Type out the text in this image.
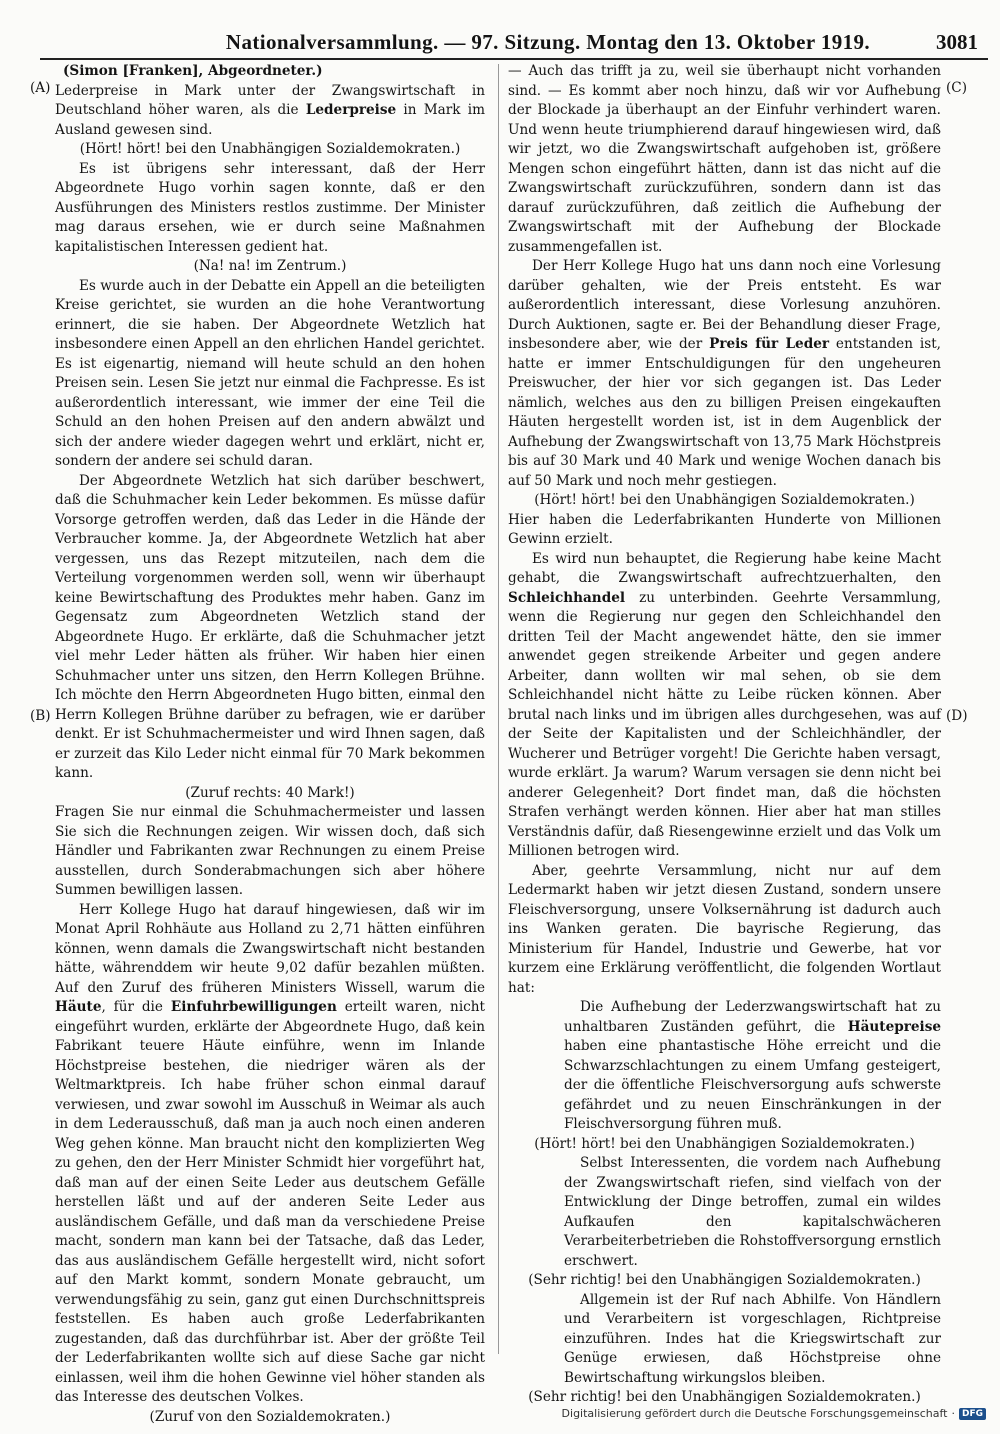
Nationalversammlung. — 97. Sitzung. Montag den 13. Oktober 1919.	3081
(A)
(B)
(C)
(D)

(Simon [Franken], Abgeordneter.)

Lederpreise in Mark unter der Zwangswirtschaft in Deutschland höher waren, als die Lederpreise in Mark im Ausland gewesen sind.

(Hört! hört! bei den Unabhängigen Sozialdemokraten.)

Es ist übrigens sehr interessant, daß der Herr Abgeordnete Hugo vorhin sagen konnte, daß er den Ausführungen des Ministers restlos zustimme. Der Minister mag daraus ersehen, wie er durch seine Maßnahmen kapitalistischen Interessen gedient hat.

(Na! na! im Zentrum.)

Es wurde auch in der Debatte ein Appell an die beteiligten Kreise gerichtet, sie wurden an die hohe Verantwortung erinnert, die sie haben. Der Abgeordnete Wetzlich hat insbesondere einen Appell an den ehrlichen Handel gerichtet. Es ist eigenartig, niemand will heute schuld an den hohen Preisen sein. Lesen Sie jetzt nur einmal die Fachpresse. Es ist außerordentlich interessant, wie immer der eine Teil die Schuld an den hohen Preisen auf den andern abwälzt und sich der andere wieder dagegen wehrt und erklärt, nicht er, sondern der andere sei schuld daran.

Der Abgeordnete Wetzlich hat sich darüber beschwert, daß die Schuhmacher kein Leder bekommen. Es müsse dafür Vorsorge getroffen werden, daß das Leder in die Hände der Verbraucher komme. Ja, der Abgeordnete Wetzlich hat aber vergessen, uns das Rezept mitzuteilen, nach dem die Verteilung vorgenommen werden soll, wenn wir überhaupt keine Bewirtschaftung des Produktes mehr haben. Ganz im Gegensatz zum Abgeordneten Wetzlich stand der Abgeordnete Hugo. Er erklärte, daß die Schuhmacher jetzt viel mehr Leder hätten als früher. Wir haben hier einen Schuhmacher unter uns sitzen, den Herrn Kollegen Brühne. Ich möchte den Herrn Abgeordneten Hugo bitten, einmal den Herrn Kollegen Brühne darüber zu befragen, wie er darüber denkt. Er ist Schuhmachermeister und wird Ihnen sagen, daß er zurzeit das Kilo Leder nicht einmal für 70 Mark bekommen kann.

(Zuruf rechts: 40 Mark!)

Fragen Sie nur einmal die Schuhmachermeister und lassen Sie sich die Rechnungen zeigen. Wir wissen doch, daß sich Händler und Fabrikanten zwar Rechnungen zu einem Preise ausstellen, durch Sonderabmachungen sich aber höhere Summen bewilligen lassen.

Herr Kollege Hugo hat darauf hingewiesen, daß wir im Monat April Rohhäute aus Holland zu 2,71 hätten einführen können, wenn damals die Zwangswirtschaft nicht bestanden hätte, währenddem wir heute 9,02 dafür bezahlen müßten. Auf den Zuruf des früheren Ministers Wissell, warum die Häute, für die Einfuhrbewilligungen erteilt waren, nicht eingeführt wurden, erklärte der Abgeordnete Hugo, daß kein Fabrikant teuere Häute einführe, wenn im Inlande Höchstpreise bestehen, die niedriger wären als der Weltmarktpreis. Ich habe früher schon einmal darauf verwiesen, und zwar sowohl im Ausschuß in Weimar als auch in dem Lederausschuß, daß man ja auch noch einen anderen Weg gehen könne. Man braucht nicht den komplizierten Weg zu gehen, den der Herr Minister Schmidt hier vorgeführt hat, daß man auf der einen Seite Leder aus deutschem Gefälle herstellen läßt und auf der anderen Seite Leder aus ausländischem Gefälle, und daß man da verschiedene Preise macht, sondern man kann bei der Tatsache, daß das Leder, das aus ausländischem Gefälle hergestellt wird, nicht sofort auf den Markt kommt, sondern Monate gebraucht, um verwendungsfähig zu sein, ganz gut einen Durchschnittspreis feststellen. Es haben auch große Lederfabrikanten zugestanden, daß das durchführbar ist. Aber der größte Teil der Lederfabrikanten wollte sich auf diese Sache gar nicht einlassen, weil ihm die hohen Gewinne viel höher standen als das Interesse des deutschen Volkes.

(Zuruf von den Sozialdemokraten.)

— Auch das trifft ja zu, weil sie überhaupt nicht vorhanden sind. — Es kommt aber noch hinzu, daß wir vor Aufhebung der Blockade ja überhaupt an der Einfuhr verhindert waren. Und wenn heute triumphierend darauf hingewiesen wird, daß wir jetzt, wo die Zwangswirtschaft aufgehoben ist, größere Mengen schon eingeführt hätten, dann ist das nicht auf die Zwangswirtschaft zurückzuführen, sondern dann ist das darauf zurückzuführen, daß zeitlich die Aufhebung der Zwangswirtschaft mit der Aufhebung der Blockade zusammengefallen ist.

Der Herr Kollege Hugo hat uns dann noch eine Vorlesung darüber gehalten, wie der Preis entsteht. Es war außerordentlich interessant, diese Vorlesung anzuhören. Durch Auktionen, sagte er. Bei der Behandlung dieser Frage, insbesondere aber, wie der Preis für Leder entstanden ist, hatte er immer Entschuldigungen für den ungeheuren Preiswucher, der hier vor sich gegangen ist. Das Leder nämlich, welches aus den zu billigen Preisen eingekauften Häuten hergestellt worden ist, ist in dem Augenblick der Aufhebung der Zwangswirtschaft von 13,75 Mark Höchstpreis bis auf 30 Mark und 40 Mark und wenige Wochen danach bis auf 50 Mark und noch mehr gestiegen.

(Hört! hört! bei den Unabhängigen Sozialdemokraten.)

Hier haben die Lederfabrikanten Hunderte von Millionen Gewinn erzielt.

Es wird nun behauptet, die Regierung habe keine Macht gehabt, die Zwangswirtschaft aufrechtzuerhalten, den Schleichhandel zu unterbinden. Geehrte Versammlung, wenn die Regierung nur gegen den Schleichhandel den dritten Teil der Macht angewendet hätte, den sie immer anwendet gegen streikende Arbeiter und gegen andere Arbeiter, dann wollten wir mal sehen, ob sie dem Schleichhandel nicht hätte zu Leibe rücken können. Aber brutal nach links und im übrigen alles durchgesehen, was auf der Seite der Kapitalisten und der Schleichhändler, der Wucherer und Betrüger vorgeht! Die Gerichte haben versagt, wurde erklärt. Ja warum? Warum versagen sie denn nicht bei anderer Gelegenheit? Dort findet man, daß die höchsten Strafen verhängt werden können. Hier aber hat man stilles Verständnis dafür, daß Riesengewinne erzielt und das Volk um Millionen betrogen wird.

Aber, geehrte Versammlung, nicht nur auf dem Ledermarkt haben wir jetzt diesen Zustand, sondern unsere Fleischversorgung, unsere Volksernährung ist dadurch auch ins Wanken geraten. Die bayrische Regierung, das Ministerium für Handel, Industrie und Gewerbe, hat vor kurzem eine Erklärung veröffentlicht, die folgenden Wortlaut hat:

Die Aufhebung der Lederzwangswirtschaft hat zu unhaltbaren Zuständen geführt, die Häutepreise haben eine phantastische Höhe erreicht und die Schwarzschlachtungen zu einem Umfang gesteigert, der die öffentliche Fleischversorgung aufs schwerste gefährdet und zu neuen Einschränkungen in der Fleischversorgung führen muß.

(Hört! hört! bei den Unabhängigen Sozialdemokraten.)

Selbst Interessenten, die vordem nach Aufhebung der Zwangswirtschaft riefen, sind vielfach von der Entwicklung der Dinge betroffen, zumal ein wildes Aufkaufen den kapitalschwächeren Verarbeiterbetrieben die Rohstoffversorgung ernstlich erschwert.

(Sehr richtig! bei den Unabhängigen Sozialdemokraten.)

Allgemein ist der Ruf nach Abhilfe. Von Händlern und Verarbeitern ist vorgeschlagen, Richtpreise einzuführen. Indes hat die Kriegswirtschaft zur Genüge erwiesen, daß Höchstpreise ohne Bewirtschaftung wirkungslos bleiben.

(Sehr richtig! bei den Unabhängigen Sozialdemokraten.)

Digitalisierung gefördert durch die Deutsche Forschungsgemeinschaft · DFG
